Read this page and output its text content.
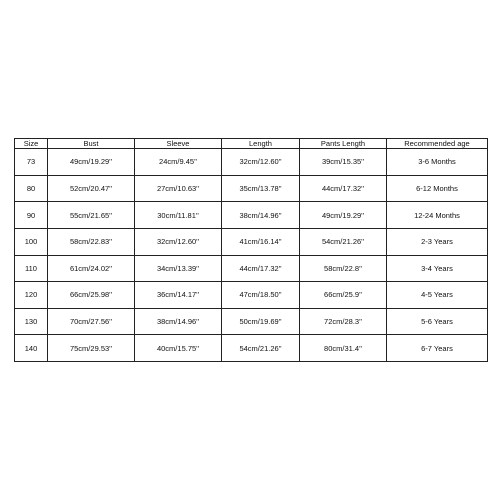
Size	Bust	Sleeve	Length	Pants Length	Recommended age
73	49cm/19.29''	24cm/9.45''	32cm/12.60''	39cm/15.35''	3-6 Months
80	52cm/20.47''	27cm/10.63''	35cm/13.78''	44cm/17.32''	6-12 Months
90	55cm/21.65''	30cm/11.81''	38cm/14.96''	49cm/19.29''	12-24 Months
100	58cm/22.83''	32cm/12.60''	41cm/16.14''	54cm/21.26''	2-3 Years
110	61cm/24.02''	34cm/13.39''	44cm/17.32''	58cm/22.8''	3-4 Years
120	66cm/25.98''	36cm/14.17''	47cm/18.50''	66cm/25.9''	4-5 Years
130	70cm/27.56''	38cm/14.96''	50cm/19.69''	72cm/28.3''	5-6 Years
140	75cm/29.53''	40cm/15.75''	54cm/21.26''	80cm/31.4''	6-7 Years
